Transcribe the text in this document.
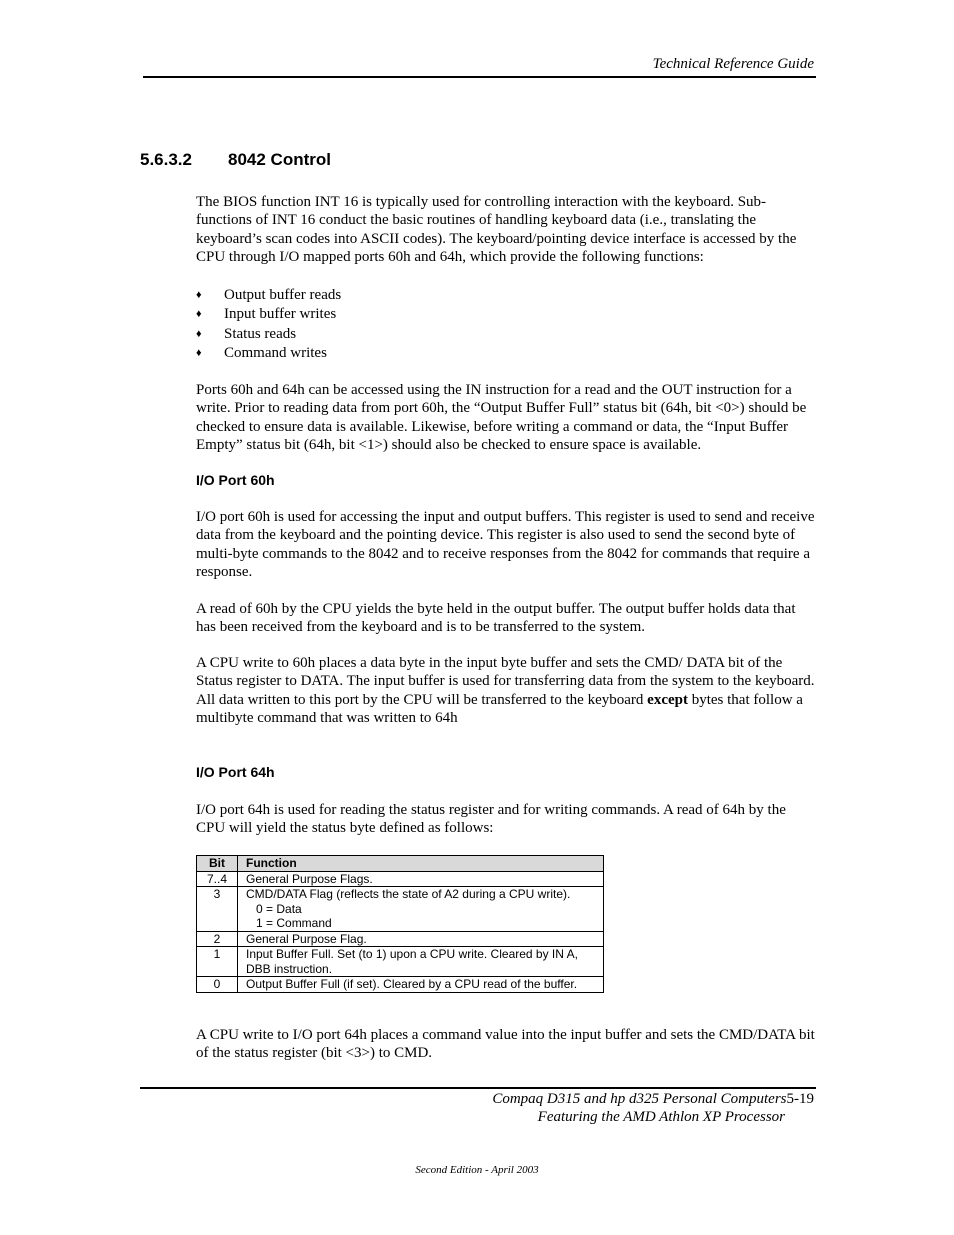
Technical Reference Guide
5.6.3.2 8042 Control

The BIOS function INT 16 is typically used for controlling interaction with the keyboard. Sub-functions of INT 16 conduct the basic routines of handling keyboard data (i.e., translating the keyboard’s scan codes into ASCII codes). The keyboard/pointing device interface is accessed by the CPU through I/O mapped ports 60h and 64h, which provide the following functions:

♦ Output buffer reads
♦ Input buffer writes
♦ Status reads
♦ Command writes

Ports 60h and 64h can be accessed using the IN instruction for a read and the OUT instruction for a write. Prior to reading data from port 60h, the “Output Buffer Full” status bit (64h, bit <0>) should be checked to ensure data is available. Likewise, before writing a command or data, the “Input Buffer Empty” status bit (64h, bit <1>) should also be checked to ensure space is available.

I/O Port 60h

I/O port 60h is used for accessing the input and output buffers. This register is used to send and receive data from the keyboard and the pointing device. This register is also used to send the second byte of multi-byte commands to the 8042 and to receive responses from the 8042 for commands that require a response.

A read of 60h by the CPU yields the byte held in the output buffer. The output buffer holds data that has been received from the keyboard and is to be transferred to the system.

A CPU write to 60h places a data byte in the input byte buffer and sets the CMD/ DATA bit of the Status register to DATA. The input buffer is used for transferring data from the system to the keyboard. All data written to this port by the CPU will be transferred to the keyboard except bytes that follow a multibyte command that was written to 64h

I/O Port 64h

I/O port 64h is used for reading the status register and for writing commands. A read of 64h by the CPU will yield the status byte defined as follows:

Bit	Function
7..4	General Purpose Flags.
3	CMD/DATA Flag (reflects the state of A2 during a CPU write).
0 = Data
1 = Command

2	General Purpose Flag.
1	Input Buffer Full. Set (to 1) upon a CPU write. Cleared by IN A, DBB instruction.
0	Output Buffer Full (if set). Cleared by a CPU read of the buffer.

A CPU write to I/O port 64h places a command value into the input buffer and sets the CMD/DATA bit of the status register (bit <3>) to CMD.

Compaq D315 and hp d325 Personal Computers5-19
Featuring the AMD Athlon XP Processor
Second Edition - April 2003
